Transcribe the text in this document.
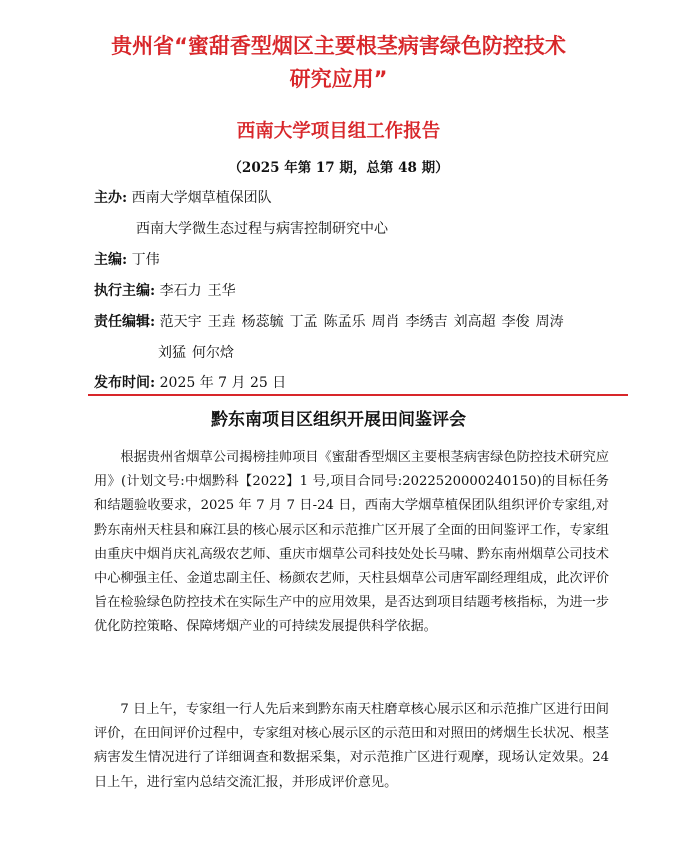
贵州省“蜜甜香型烟区主要根茎病害绿色防控技术
研究应用”
西南大学项目组工作报告
（2025 年第 17 期，总第 48 期）
主办: 西南大学烟草植保团队
西南大学微生态过程与病害控制研究中心
主编: 丁伟
执行主编: 李石力 王华
责任编辑: 范天宇 王垚 杨蕊毓 丁孟 陈孟乐 周肖 李绣吉 刘高超 李俊 周涛
刘猛 何尔焓
发布时间: 2025 年 7 月 25 日
黔东南项目区组织开展田间鉴评会

根据贵州省烟草公司揭榜挂帅项目《蜜甜香型烟区主要根茎病害绿色防控技术研究应用》(计划文号:中烟黔科【2022】1 号,项目合同号:2022520000240150)的目标任务和结题验收要求，2025 年 7 月 7 日-24 日，西南大学烟草植保团队组织评价专家组,对黔东南州天柱县和麻江县的核心展示区和示范推广区开展了全面的田间鉴评工作，专家组由重庆中烟肖庆礼高级农艺师、重庆市烟草公司科技处处长马啸、黔东南州烟草公司技术中心柳强主任、金道忠副主任、杨颜农艺师，天柱县烟草公司唐军副经理组成，此次评价旨在检验绿色防控技术在实际生产中的应用效果，是否达到项目结题考核指标，为进一步优化防控策略、保障烤烟产业的可持续发展提供科学依据。

7 日上午，专家组一行人先后来到黔东南天柱磨章核心展示区和示范推广区进行田间评价，在田间评价过程中，专家组对核心展示区的示范田和对照田的烤烟生长状况、根茎病害发生情况进行了详细调查和数据采集，对示范推广区进行观摩，现场认定效果。24 日上午，进行室内总结交流汇报，并形成评价意见。
